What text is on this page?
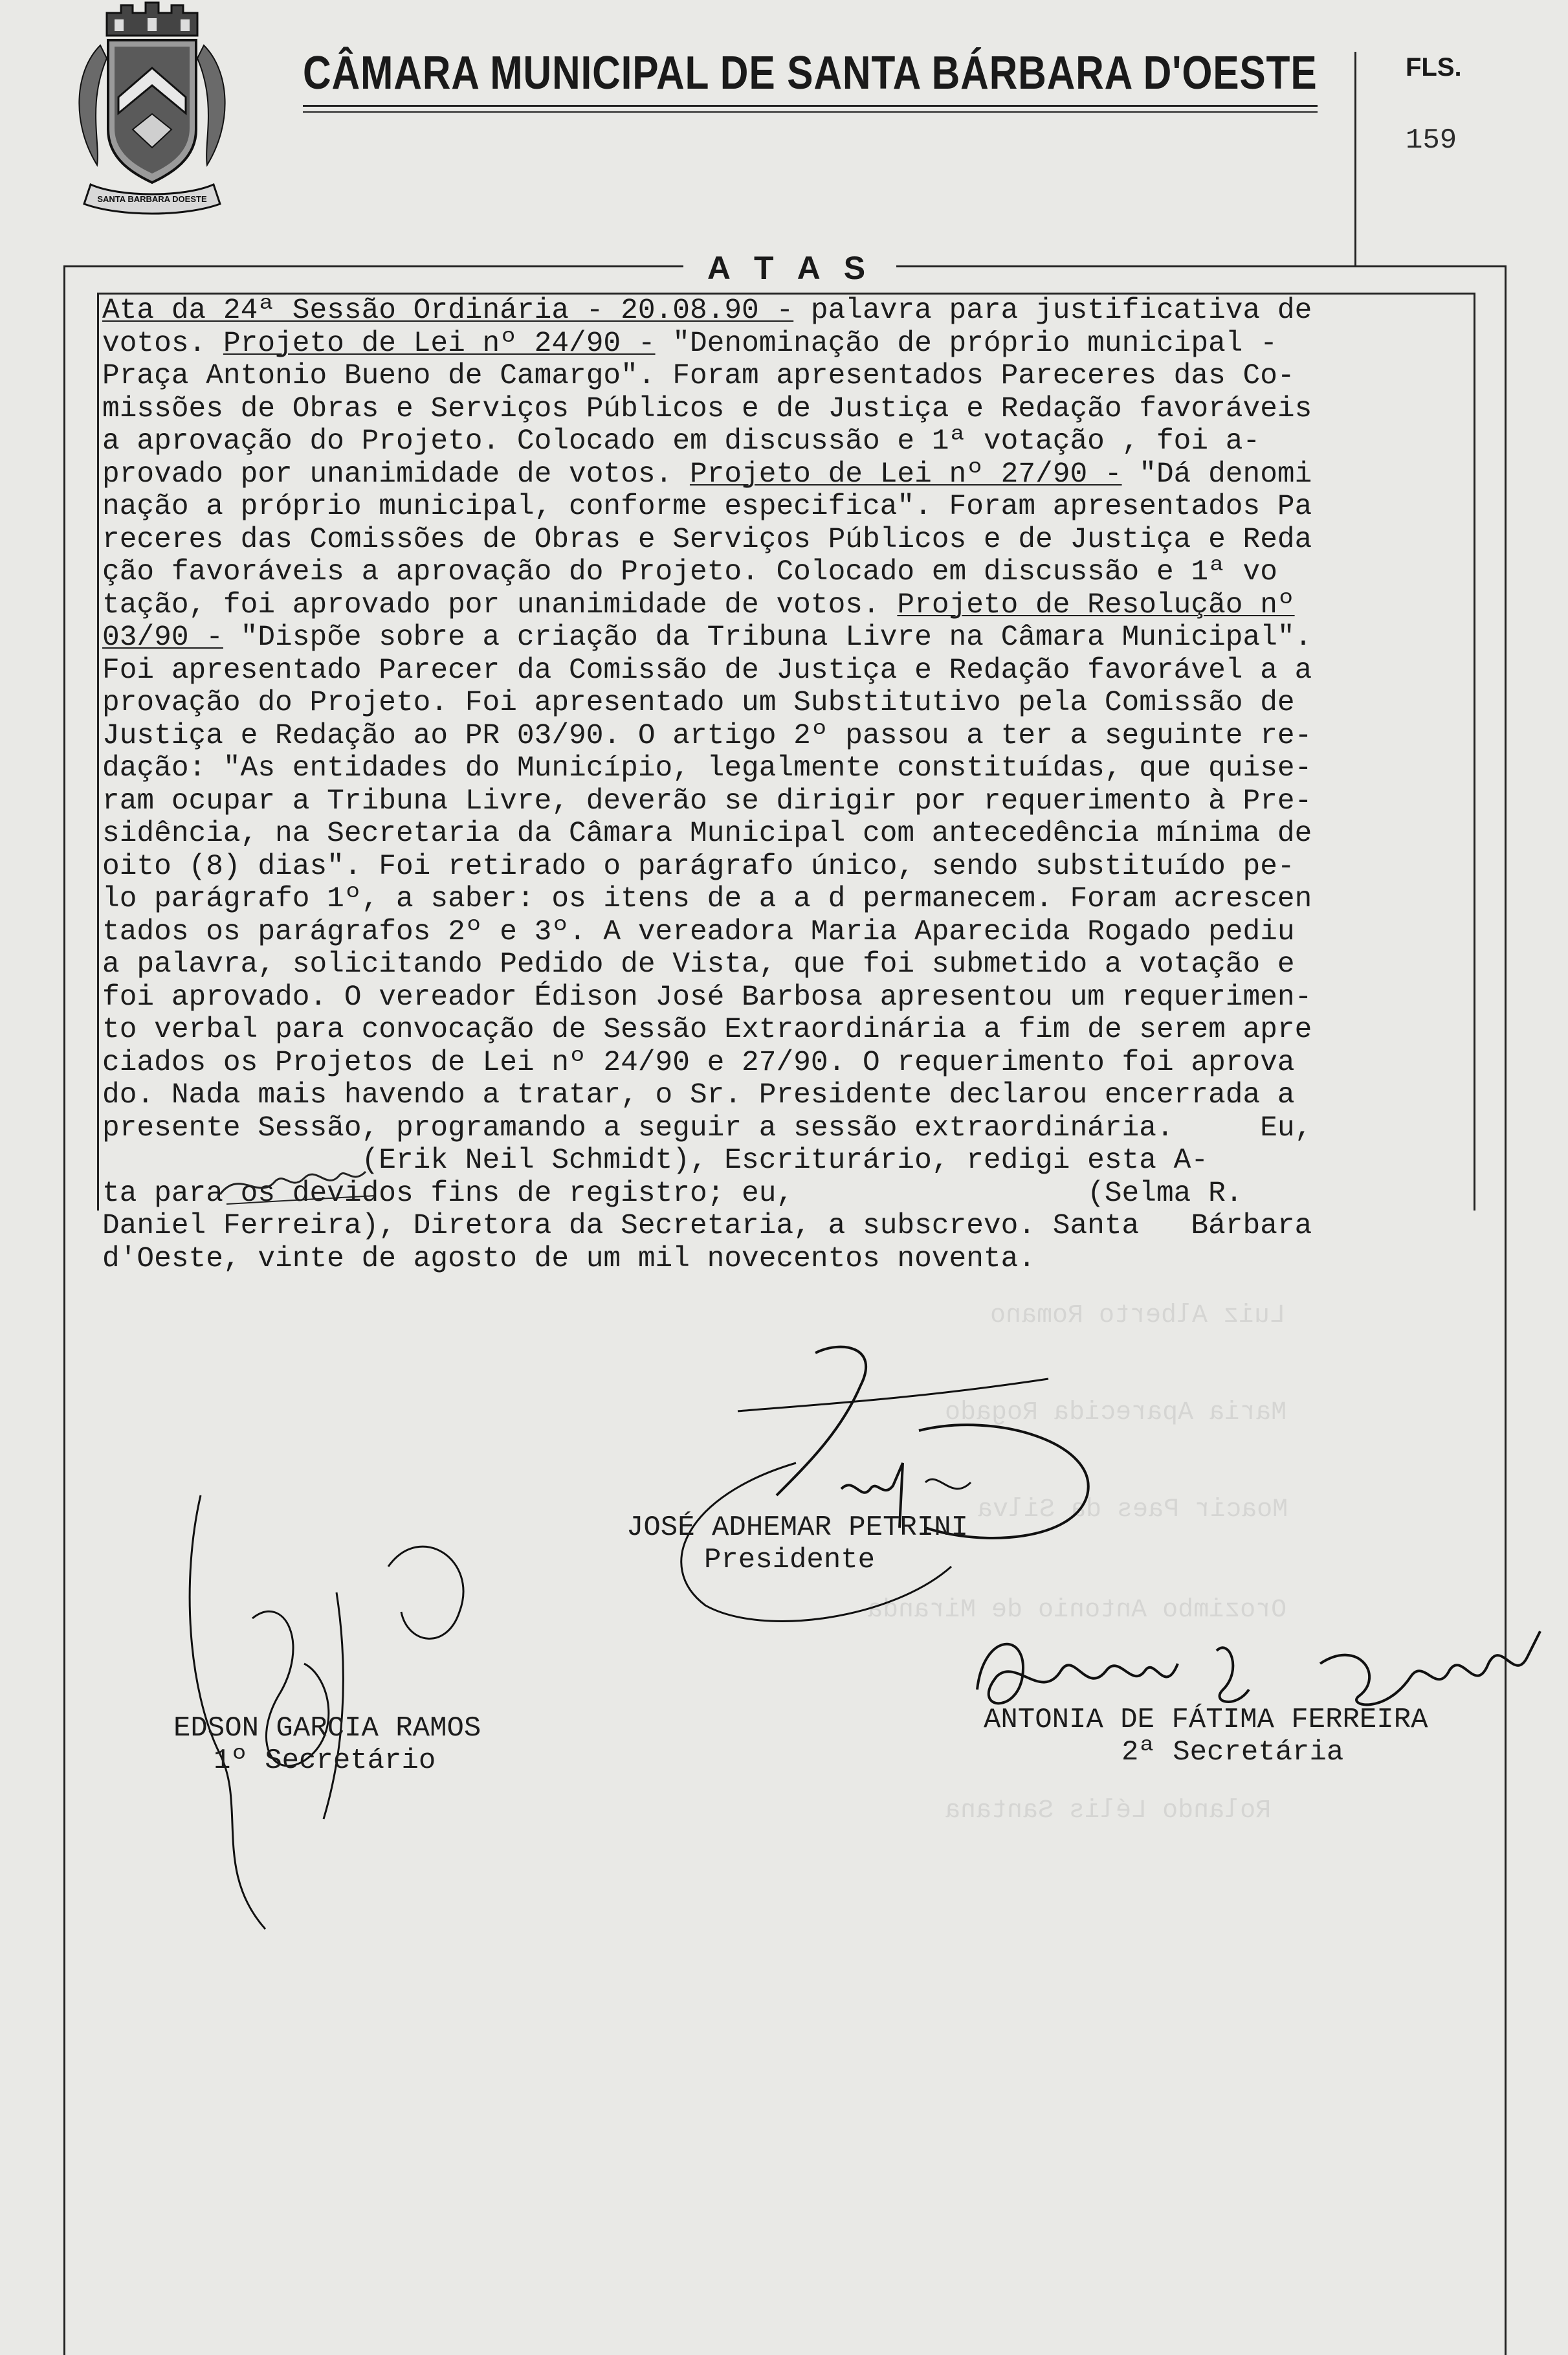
SANTA BARBARA DOESTE
CÂMARA MUNICIPAL DE SANTA BÁRBARA D'OESTE	FLS.
159
A T A S
Luiz Alberto Romano
Maria Aparecida Rogado
Moacir Paes da Silva
Orozimbo Antonio de Miranda
Rolando Lélis Santana
Ata da 24ª Sessão Ordinária - 20.08.90 - palavra para justificativa de
votos. Projeto de Lei nº 24/90 - "Denominação de próprio municipal -
Praça Antonio Bueno de Camargo". Foram apresentados Pareceres das Co-
missões de Obras e Serviços Públicos e de Justiça e Redação favoráveis
a aprovação do Projeto. Colocado em discussão e 1ª votação , foi a-
provado por unanimidade de votos. Projeto de Lei nº 27/90 - "Dá denomi
nação a próprio municipal, conforme especifica". Foram apresentados Pa
receres das Comissões de Obras e Serviços Públicos e de Justiça e Reda
ção favoráveis a aprovação do Projeto. Colocado em discussão e 1ª vo
tação, foi aprovado por unanimidade de votos. Projeto de Resolução nº
03/90 - "Dispõe sobre a criação da Tribuna Livre na Câmara Municipal".
Foi apresentado Parecer da Comissão de Justiça e Redação favorável a a
provação do Projeto. Foi apresentado um Substitutivo pela Comissão de
Justiça e Redação ao PR 03/90. O artigo 2º passou a ter a seguinte re-
dação: "As entidades do Município, legalmente constituídas, que quise-
ram ocupar a Tribuna Livre, deverão se dirigir por requerimento à Pre-
sidência, na Secretaria da Câmara Municipal com antecedência mínima de
oito (8) dias". Foi retirado o parágrafo único, sendo substituído pe-
lo parágrafo 1º, a saber: os itens de a a d permanecem. Foram acrescen
tados os parágrafos 2º e 3º. A vereadora Maria Aparecida Rogado pediu
a palavra, solicitando Pedido de Vista, que foi submetido a votação e
foi aprovado. O vereador Édison José Barbosa apresentou um requerimen-
to verbal para convocação de Sessão Extraordinária a fim de serem apre
ciados os Projetos de Lei nº 24/90 e 27/90. O requerimento foi aprova
do. Nada mais havendo a tratar, o Sr. Presidente declarou encerrada a
presente Sessão, programando a seguir a sessão extraordinária.     Eu,
(Erik Neil Schmidt), Escriturário, redigi esta A-
ta para os devidos fins de registro; eu,                 (Selma R.
Daniel Ferreira), Diretora da Secretaria, a subscrevo. Santa   Bárbara
d'Oeste, vinte de agosto de um mil novecentos noventa.
JOSÉ ADHEMAR PETRINI
Presidente
EDSON GARCIA RAMOS
1º Secretário
ANTONIA DE FÁTIMA FERREIRA
2ª Secretária
